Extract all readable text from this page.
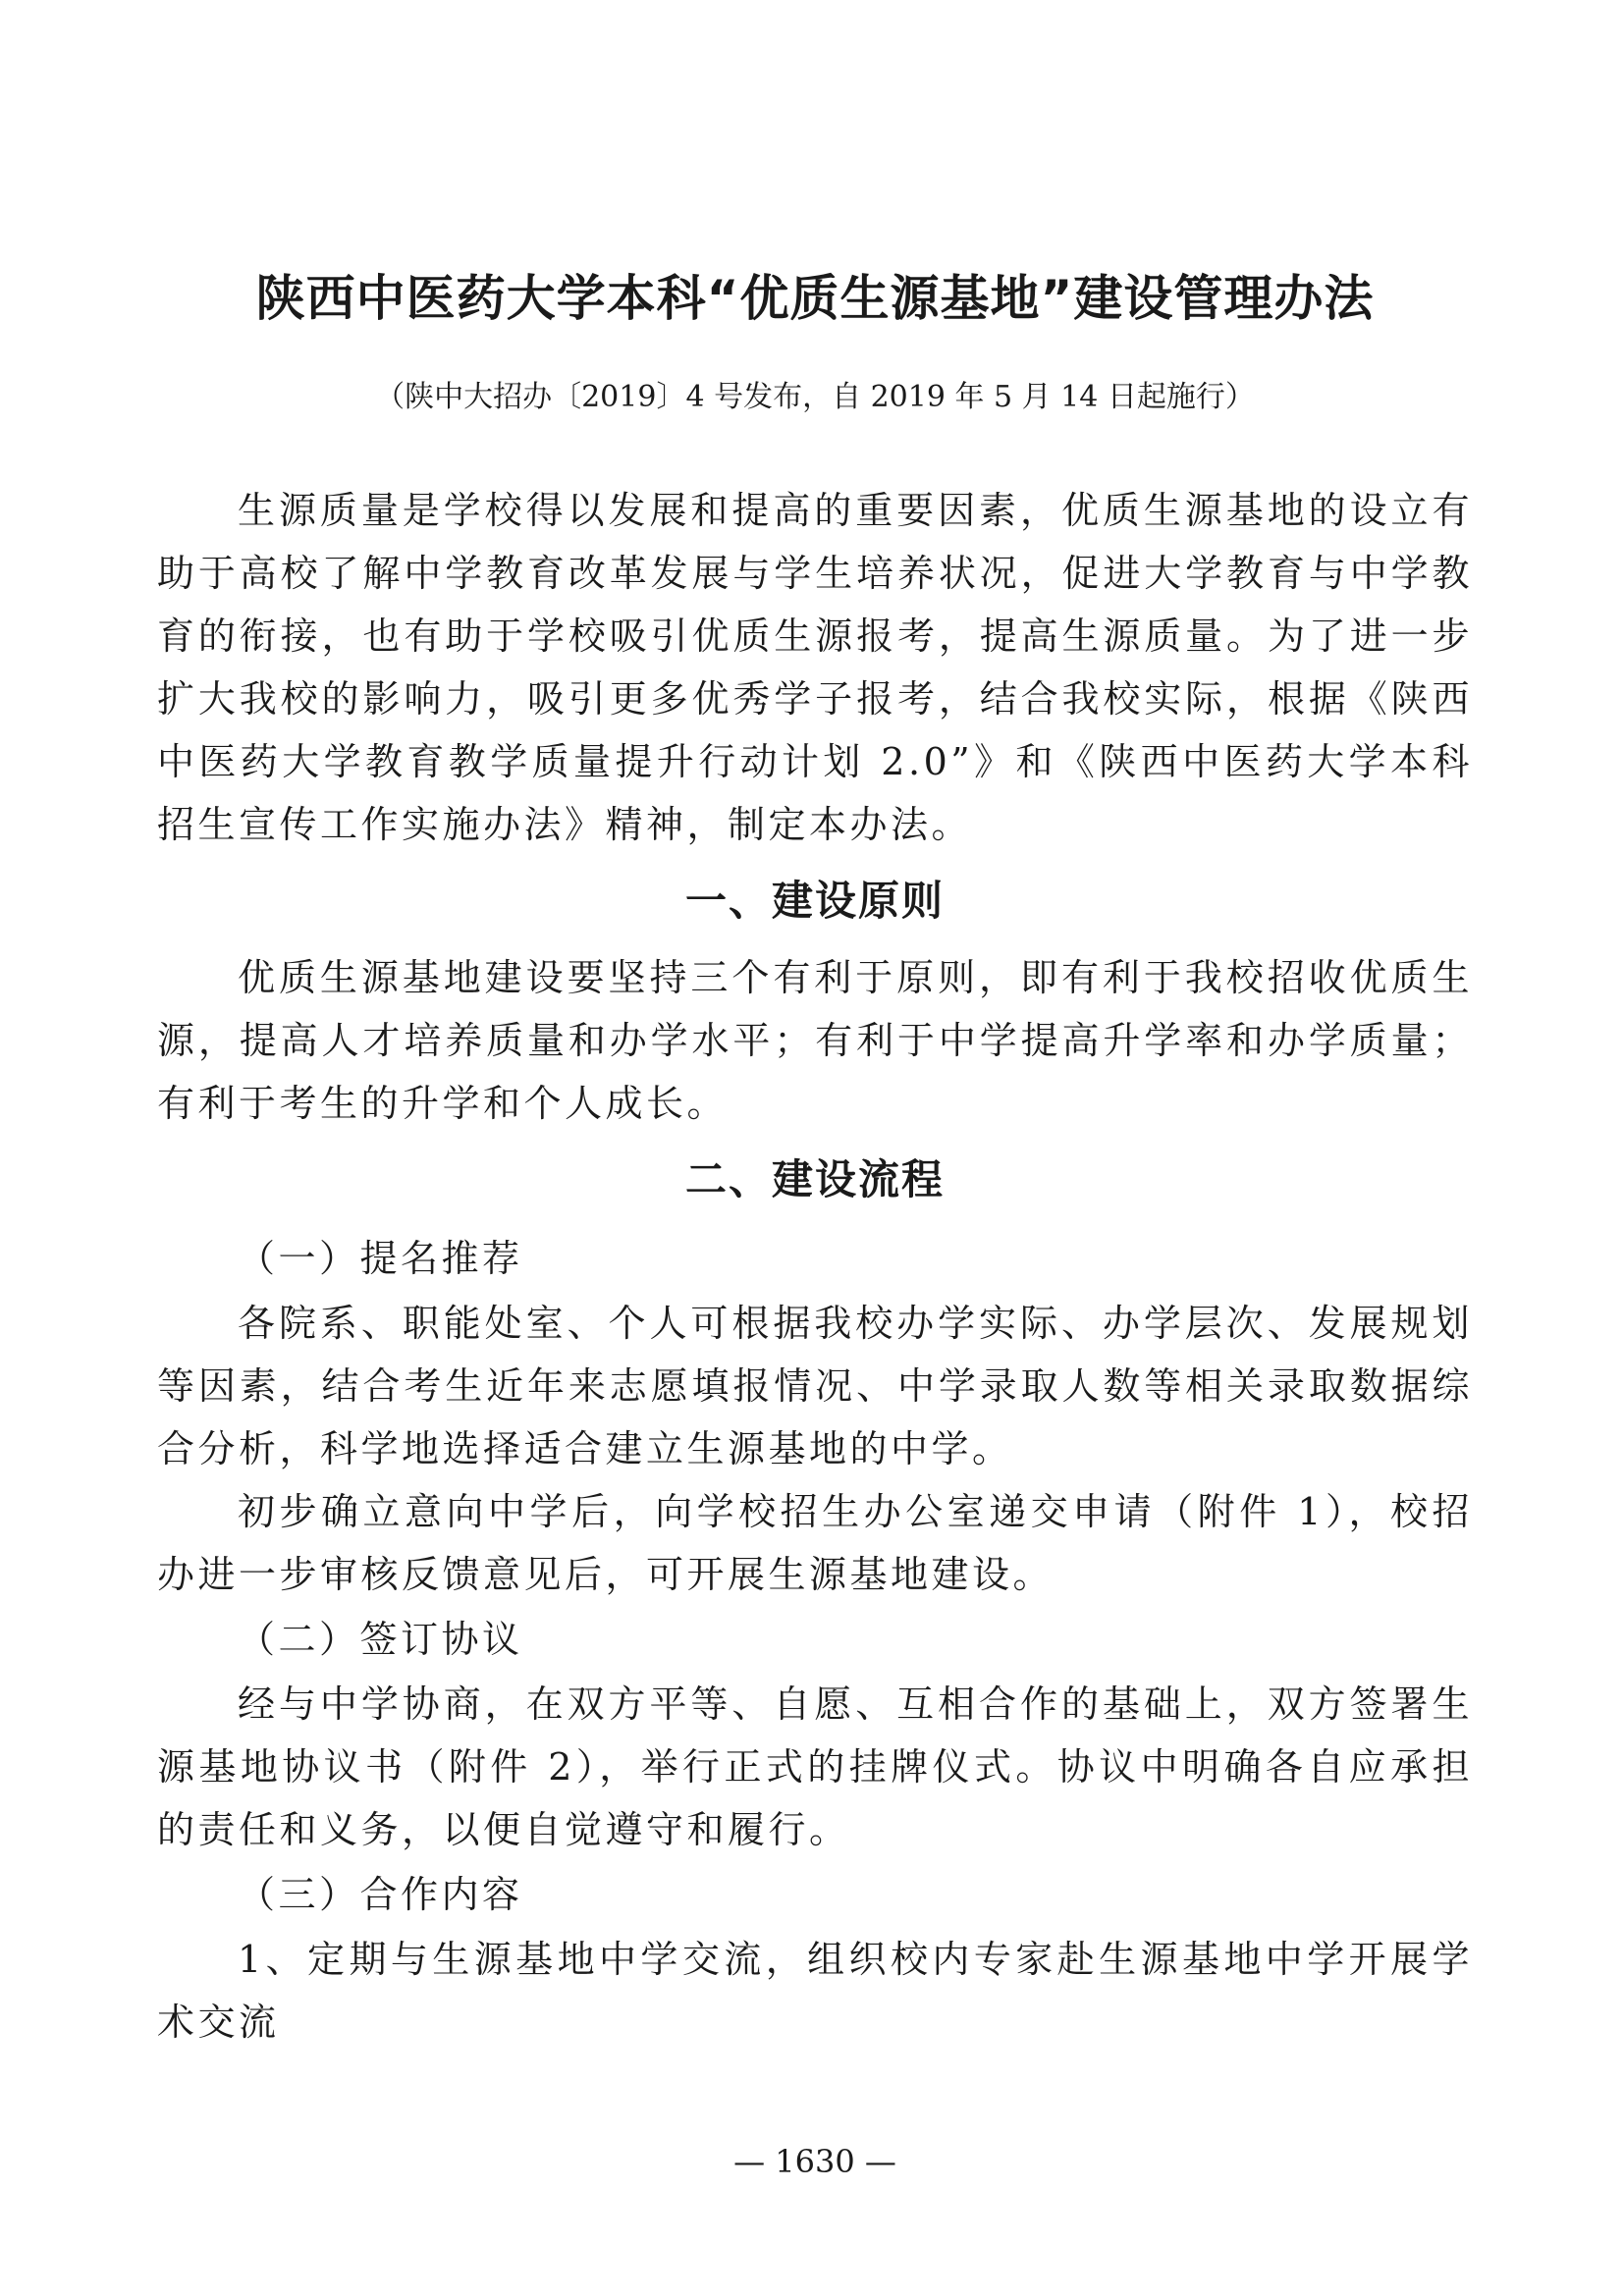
陕西中医药大学本科“优质生源基地”建设管理办法

（陕中大招办〔2019〕4 号发布，自 2019 年 5 月 14 日起施行）

生源质量是学校得以发展和提高的重要因素，优质生源基地的设立有助于高校了解中学教育改革发展与学生培养状况，促进大学教育与中学教育的衔接，也有助于学校吸引优质生源报考，提高生源质量。为了进一步扩大我校的影响力，吸引更多优秀学子报考，结合我校实际，根据《陕西中医药大学教育教学质量提升行动计划 2.0”》和《陕西中医药大学本科招生宣传工作实施办法》精神，制定本办法。

一、建设原则

优质生源基地建设要坚持三个有利于原则，即有利于我校招收优质生源，提高人才培养质量和办学水平；有利于中学提高升学率和办学质量；有利于考生的升学和个人成长。

二、建设流程

（一）提名推荐

各院系、职能处室、个人可根据我校办学实际、办学层次、发展规划等因素，结合考生近年来志愿填报情况、中学录取人数等相关录取数据综合分析，科学地选择适合建立生源基地的中学。

初步确立意向中学后，向学校招生办公室递交申请（附件 1），校招办进一步审核反馈意见后，可开展生源基地建设。

（二）签订协议

经与中学协商，在双方平等、自愿、互相合作的基础上，双方签署生源基地协议书（附件 2），举行正式的挂牌仪式。协议中明确各自应承担的责任和义务，以便自觉遵守和履行。

（三）合作内容

1、定期与生源基地中学交流，组织校内专家赴生源基地中学开展学术交流

— 1630 —
